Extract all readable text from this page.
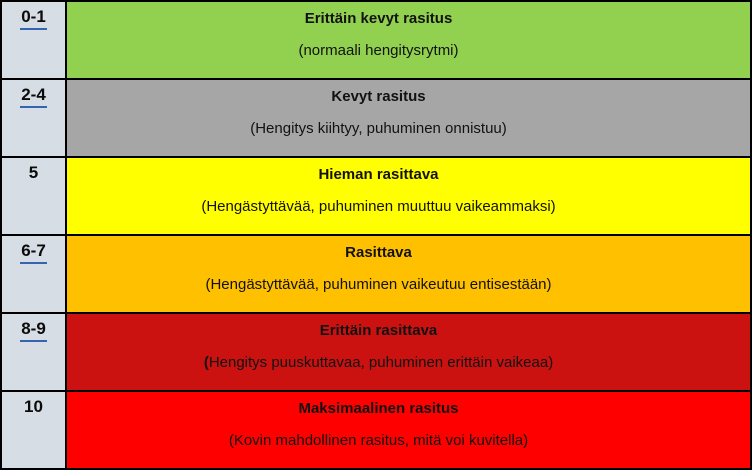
0-1	Erittäin kevyt rasitus
(normaali hengitysrytmi)

2-4	Kevyt rasitus
(Hengitys kiihtyy, puhuminen onnistuu)

5	Hieman rasittava
(Hengästyttävää, puhuminen muuttuu vaikeammaksi)

6-7	Rasittava
(Hengästyttävää, puhuminen vaikeutuu entisestään)

8-9	Erittäin rasittava
(Hengitys puuskuttavaa, puhuminen erittäin vaikeaa)

10	Maksimaalinen rasitus
(Kovin mahdollinen rasitus, mitä voi kuvitella)
